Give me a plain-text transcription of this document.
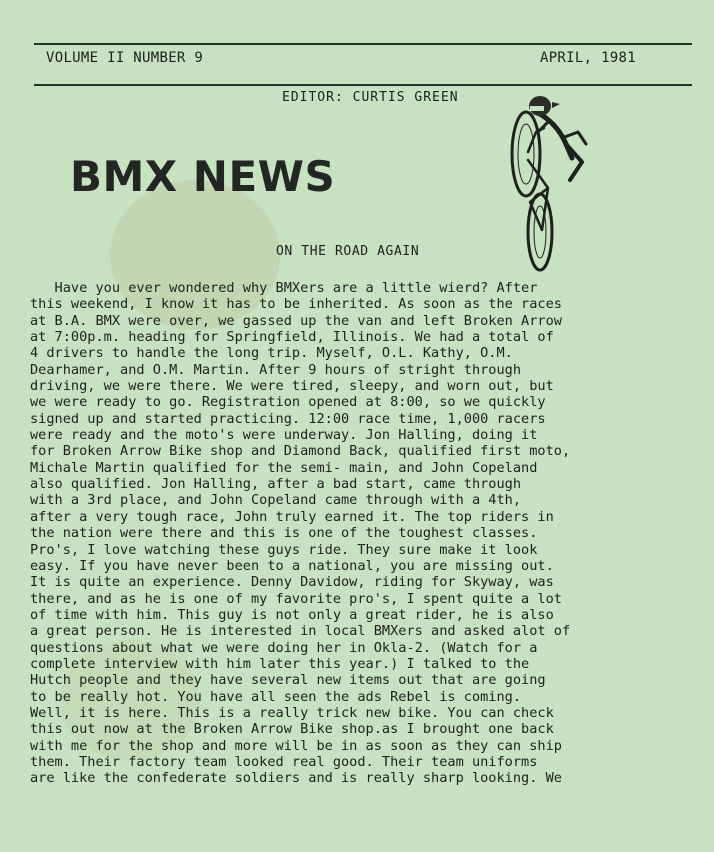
VOLUME II NUMBER 9	APRIL, 1981
EDITOR: CURTIS GREEN
BMX NEWS
ON THE ROAD AGAIN
Have you ever wondered why BMXers are a little wierd? After
this weekend, I know it has to be inherited. As soon as the races
at B.A. BMX were over, we gassed up the van and left Broken Arrow
at 7:00p.m. heading for Springfield, Illinois. We had a total of
4 drivers to handle the long trip. Myself, O.L. Kathy, O.M.
Dearhamer, and O.M. Martin. After 9 hours of stright through
driving, we were there. We were tired, sleepy, and worn out, but
we were ready to go. Registration opened at 8:00, so we quickly
signed up and started practicing. 12:00 race time, 1,000 racers
were ready and the moto's were underway. Jon Halling, doing it
for Broken Arrow Bike shop and Diamond Back, qualified first moto,
Michale Martin qualified for the semi- main, and John Copeland
also qualified. Jon Halling, after a bad start, came through
with a 3rd place, and John Copeland came through with a 4th,
after a very tough race, John truly earned it. The top riders in
the nation were there and this is one of the toughest classes.
Pro's, I love watching these guys ride. They sure make it look
easy. If you have never been to a national, you are missing out.
It is quite an experience. Denny Davidow, riding for Skyway, was
there, and as he is one of my favorite pro's, I spent quite a lot
of time with him. This guy is not only a great rider, he is also
a great person. He is interested in local BMXers and asked alot of
questions about what we were doing her in Okla-2. (Watch for a
complete interview with him later this year.) I talked to the
Hutch people and they have several new items out that are going
to be really hot. You have all seen the ads Rebel is coming.
Well, it is here. This is a really trick new bike. You can check
this out now at the Broken Arrow Bike shop.as I brought one back
with me for the shop and more will be in as soon as they can ship
them. Their factory team looked real good. Their team uniforms
are like the confederate soldiers and is really sharp looking. We
